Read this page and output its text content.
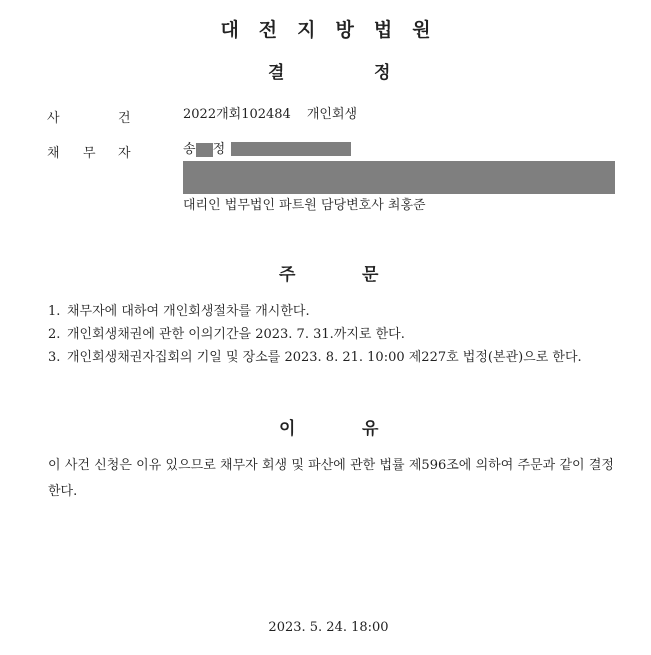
대전지방법원
결	정
사	건	2022개회102484 개인회생
채 무 자	송 정
대리인 법무법인 파트원 담당변호사 최홍준
주	문
1. 채무자에 대하여 개인회생절차를 개시한다.
2. 개인회생채권에 관한 이의기간을 2023. 7. 31.까지로 한다.
3. 개인회생채권자집회의 기일 및 장소를 2023. 8. 21. 10:00 제227호 법정(본관)으로 한다.
이	유
이 사건 신청은 이유 있으므로 채무자 회생 및 파산에 관한 법률 제596조에 의하여 주문과 같이 결정한다.
2023. 5. 24. 18:00
